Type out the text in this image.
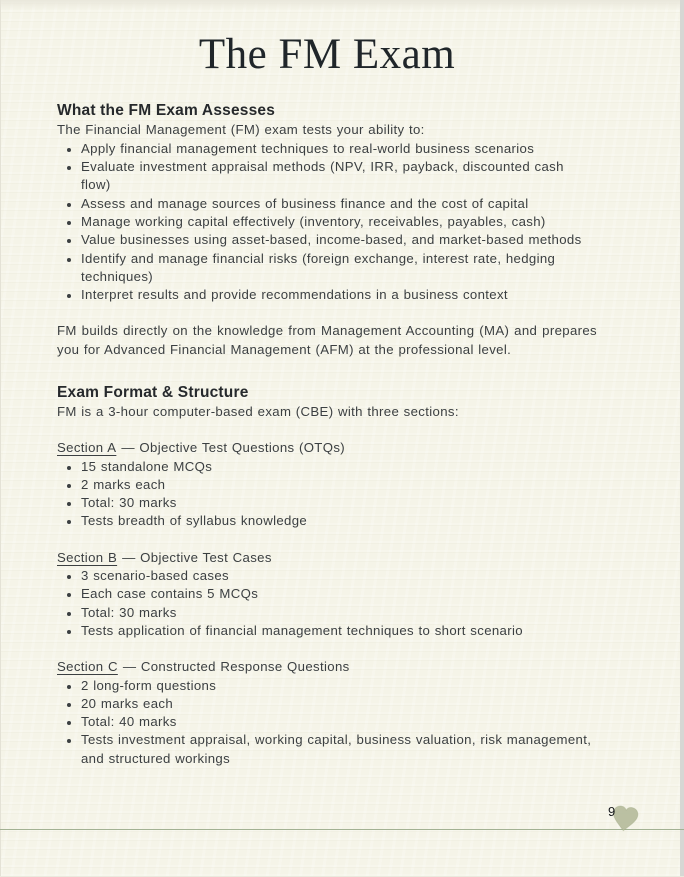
The FM Exam
What the FM Exam Assesses

The Financial Management (FM) exam tests your ability to:

• Apply financial management techniques to real-world business scenarios
• Evaluate investment appraisal methods (NPV, IRR, payback, discounted cash flow)
• Assess and manage sources of business finance and the cost of capital
• Manage working capital effectively (inventory, receivables, payables, cash)
• Value businesses using asset-based, income-based, and market-based methods
• Identify and manage financial risks (foreign exchange, interest rate, hedging techniques)
• Interpret results and provide recommendations in a business context

FM builds directly on the knowledge from Management Accounting (MA) and prepares you for Advanced Financial Management (AFM) at the professional level.

Exam Format & Structure

FM is a 3-hour computer-based exam (CBE) with three sections:

Section A — Objective Test Questions (OTQs)

• 15 standalone MCQs
• 2 marks each
• Total: 30 marks
• Tests breadth of syllabus knowledge

Section B — Objective Test Cases

• 3 scenario-based cases
• Each case contains 5 MCQs
• Total: 30 marks
• Tests application of financial management techniques to short scenario

Section C — Constructed Response Questions

• 2 long-form questions
• 20 marks each
• Total: 40 marks
• Tests investment appraisal, working capital, business valuation, risk management, and structured workings
9
